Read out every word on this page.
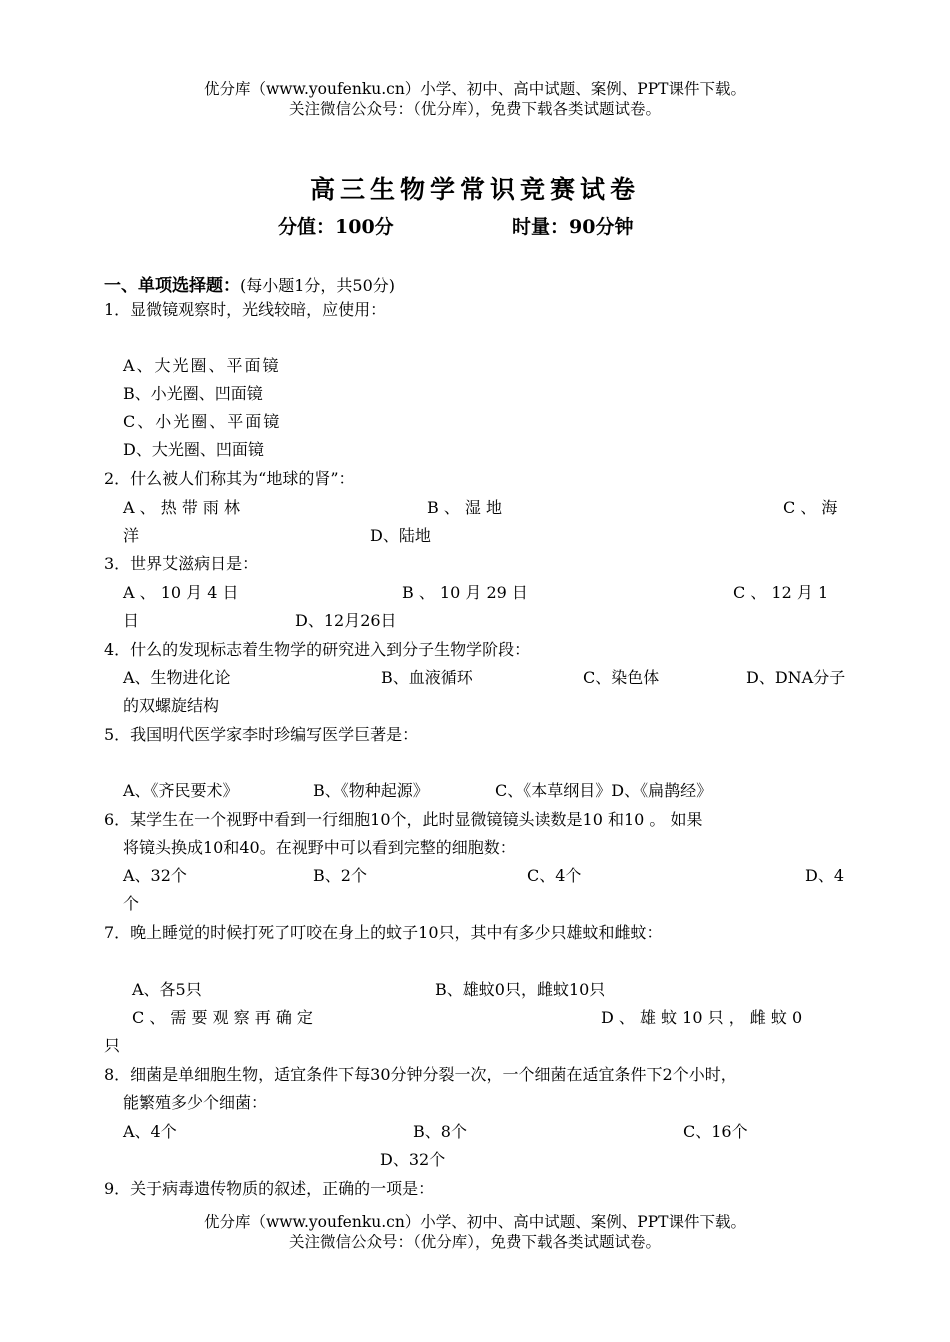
优分库（www.youfenku.cn）小学、初中、高中试题、案例、PPT课件下载。
关注微信公众号：（优分库），免费下载各类试题试卷。
高三生物学常识竞赛试卷
分值：100分	时量：90分钟
一、单项选择题：(每小题1分，共50分)
1．显微镜观察时，光线较暗，应使用：
A、大光圈、平面镜
B、小光圈、凹面镜
C、小光圈、平面镜
D、大光圈、凹面镜
2．什么被人们称其为“地球的肾”：
A 、 热 带 雨 林	B 、 湿 地	C 、 海
洋	D、陆地
3．世界艾滋病日是：
A 、 10 月 4 日	B 、 10 月 29 日	C 、 12 月 1
日	D、12月26日
4．什么的发现标志着生物学的研究进入到分子生物学阶段：
A、生物进化论	B、血液循环	C、染色体	D、DNA分子
的双螺旋结构
5．我国明代医学家李时珍编写医学巨著是：
A、《齐民要术》	B、《物种起源》	C、《本草纲目》D、《扁鹊经》
6．某学生在一个视野中看到一行细胞10个，此时显微镜镜头读数是10 和10 。 如果
将镜头换成10和40。在视野中可以看到完整的细胞数：
A、32个	B、2个	C、4个	D、4
个
7．晚上睡觉的时候打死了叮咬在身上的蚊子10只，其中有多少只雄蚊和雌蚊：
A、各5只	B、雄蚊0只，雌蚊10只
C 、 需 要 观 察 再 确 定	D 、 雄 蚊 10 只 ， 雌 蚊 0
只
8．细菌是单细胞生物，适宜条件下每30分钟分裂一次，一个细菌在适宜条件下2个小时，
能繁殖多少个细菌：
A、4个	B、8个	C、16个
D、32个
9．关于病毒遗传物质的叙述，正确的一项是：
优分库（www.youfenku.cn）小学、初中、高中试题、案例、PPT课件下载。
关注微信公众号：（优分库），免费下载各类试题试卷。
